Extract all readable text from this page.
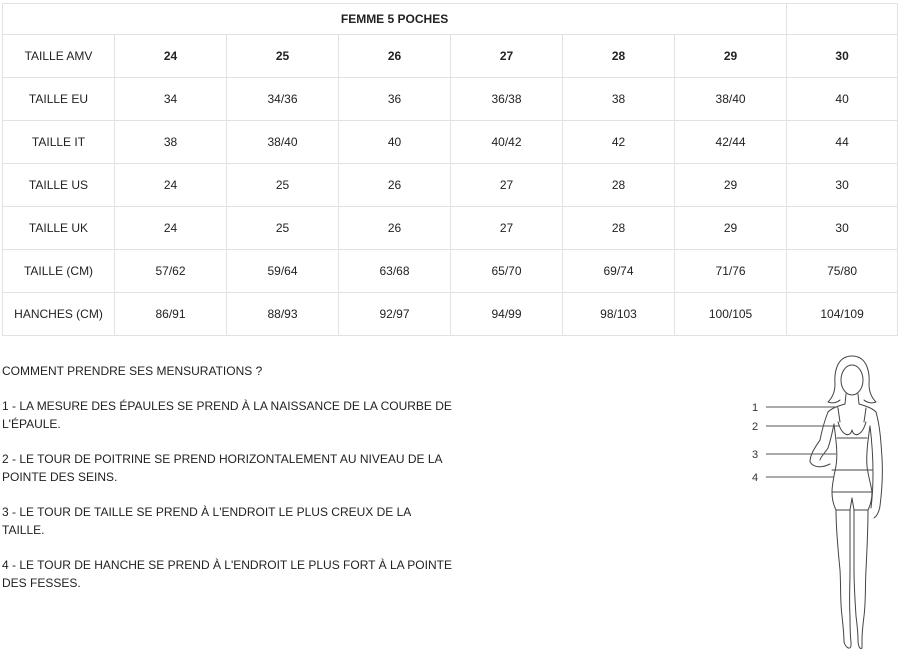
FEMME 5 POCHES							
TAILLE AMV	24	25	26	27	28	29	30
TAILLE EU	34	34/36	36	36/38	38	38/40	40
TAILLE IT	38	38/40	40	40/42	42	42/44	44
TAILLE US	24	25	26	27	28	29	30
TAILLE UK	24	25	26	27	28	29	30
TAILLE (CM)	57/62	59/64	63/68	65/70	69/74	71/76	75/80
HANCHES (CM)	86/91	88/93	92/97	94/99	98/103	100/105	104/109

COMMENT PRENDRE SES MENSURATIONS ?

1 - LA MESURE DES ÉPAULES SE PREND À LA NAISSANCE DE LA COURBE DE L'ÉPAULE.

2 - LE TOUR DE POITRINE SE PREND HORIZONTALEMENT AU NIVEAU DE LA POINTE DES SEINS.

3 - LE TOUR DE TAILLE SE PREND À L'ENDROIT LE PLUS CREUX DE LA TAILLE.

4 - LE TOUR DE HANCHE SE PREND À L'ENDROIT LE PLUS FORT À LA POINTE DES FESSES.

1
2
3
4
